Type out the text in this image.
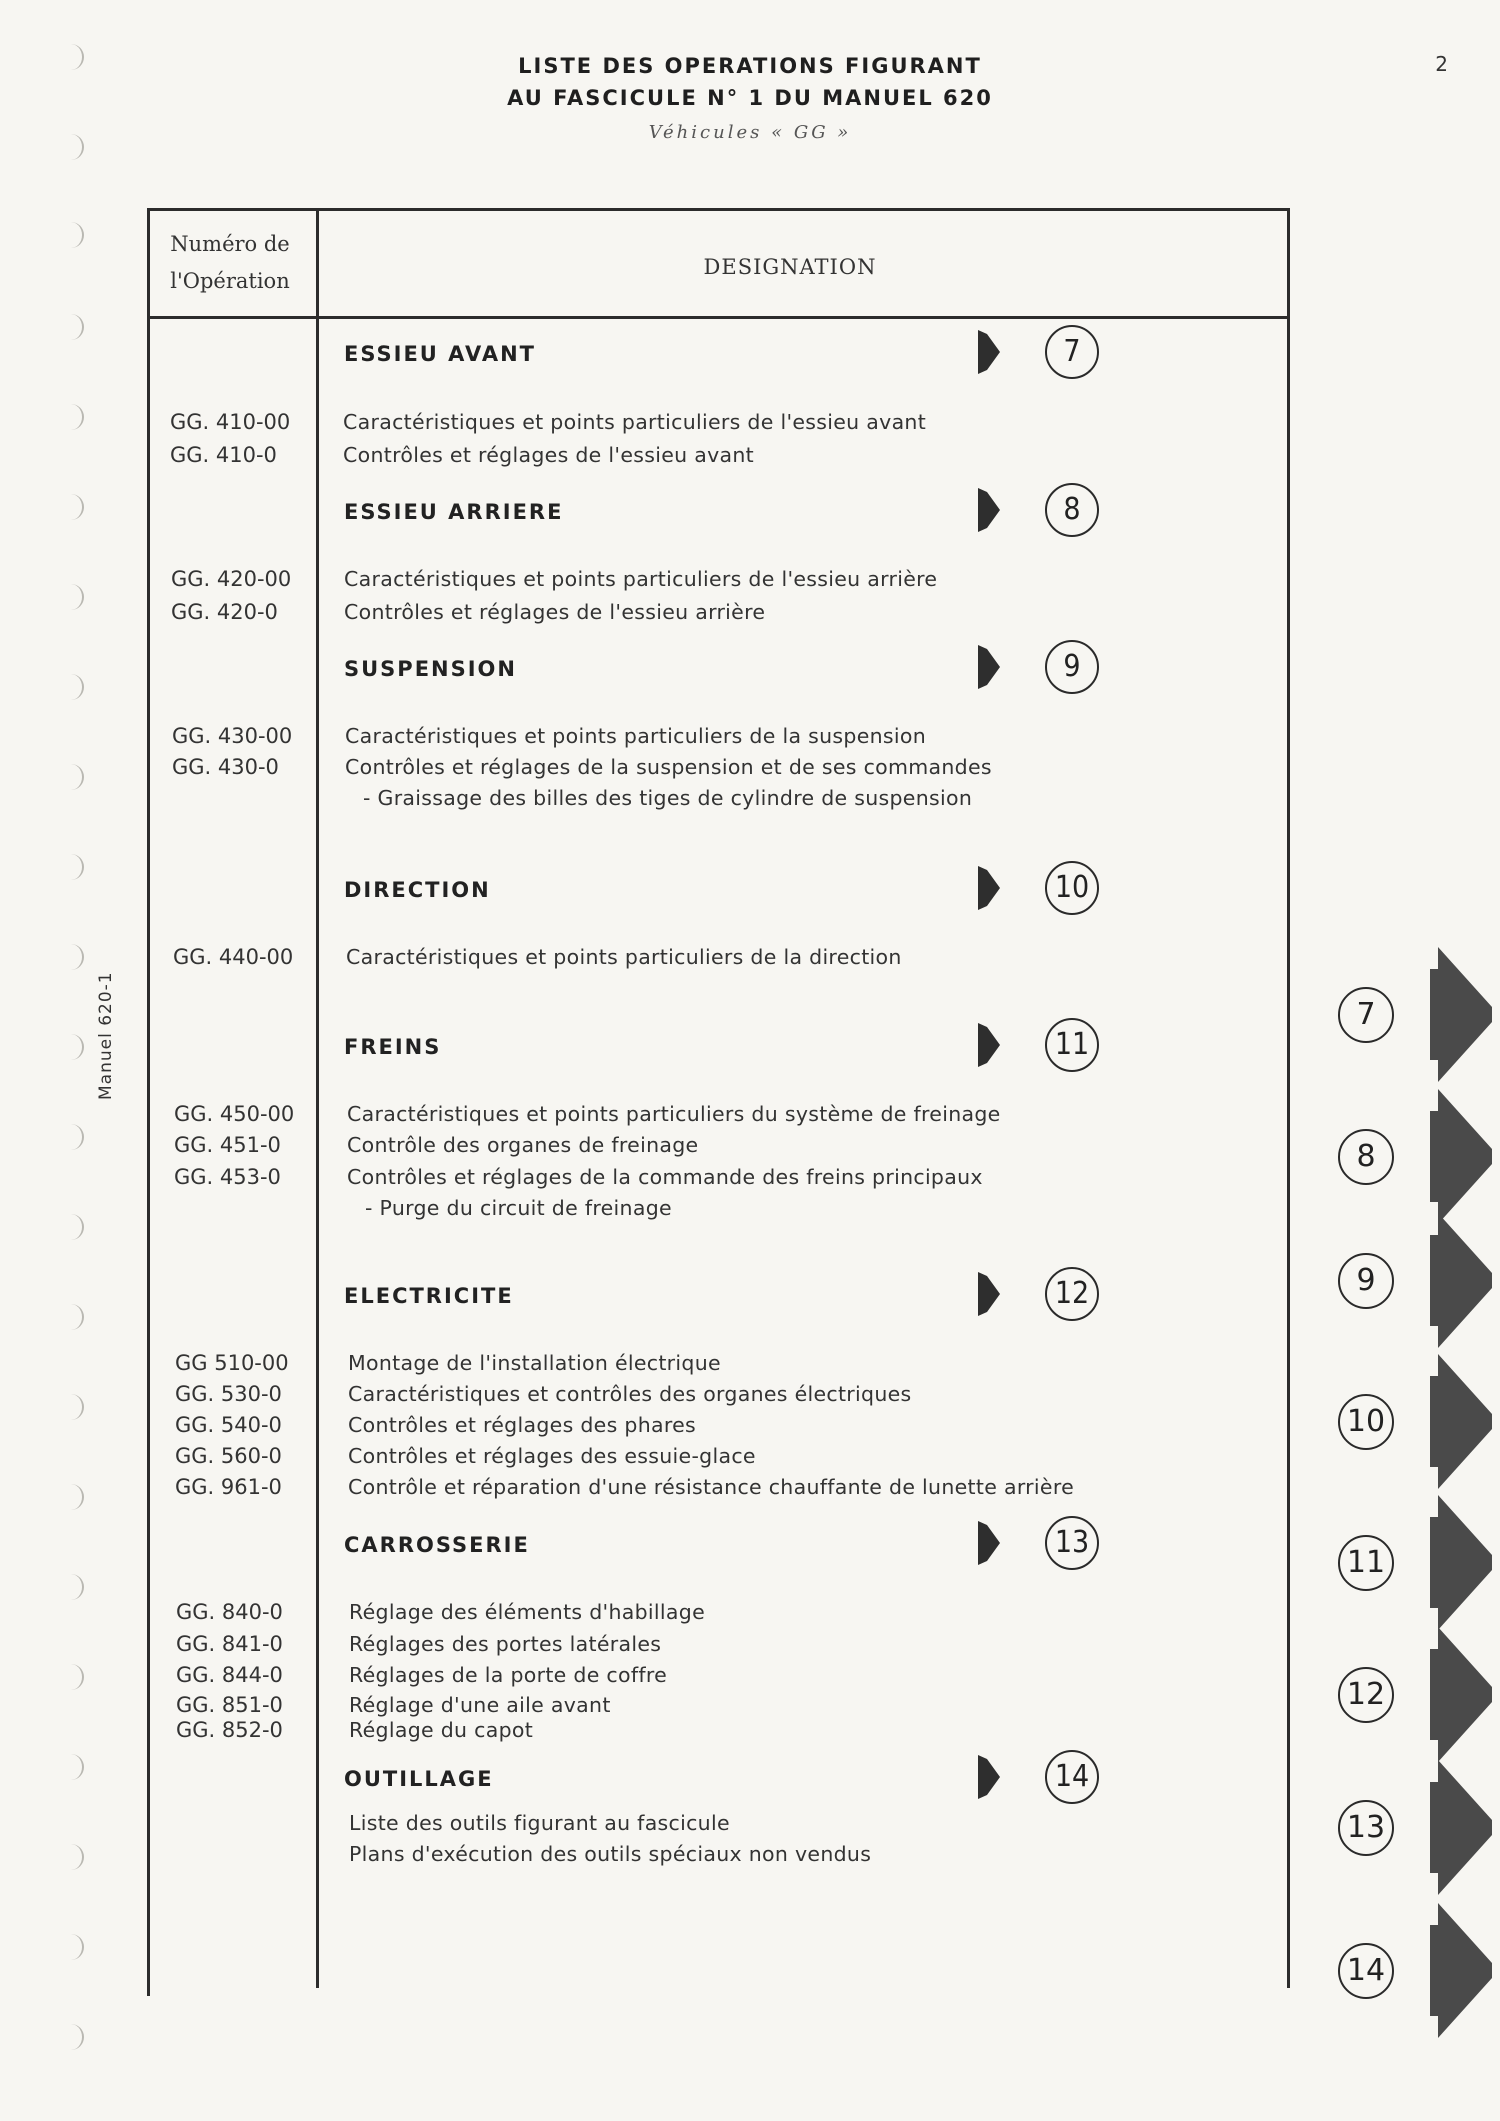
LISTE DES OPERATIONS FIGURANT
AU FASCICULE N° 1 DU MANUEL 620
Véhicules « GG »
2
Manuel 620-1
Numéro de
l'Opération
DESIGNATION
ESSIEU AVANT	7
GG. 410-00	Caractéristiques et points particuliers de l'essieu avant
GG. 410-0	Contrôles et réglages de l'essieu avant
ESSIEU ARRIERE	8
GG. 420-00	Caractéristiques et points particuliers de l'essieu arrière
GG. 420-0	Contrôles et réglages de l'essieu arrière
SUSPENSION	9
GG. 430-00	Caractéristiques et points particuliers de la suspension
GG. 430-0	Contrôles et réglages de la suspension et de ses commandes
- Graissage des billes des tiges de cylindre de suspension
DIRECTION	10
GG. 440-00	Caractéristiques et points particuliers de la direction
FREINS	11
GG. 450-00	Caractéristiques et points particuliers du système de freinage
GG. 451-0	Contrôle des organes de freinage
GG. 453-0	Contrôles et réglages de la commande des freins principaux
- Purge du circuit de freinage
ELECTRICITE	12
GG 510-00	Montage de l'installation électrique
GG. 530-0	Caractéristiques et contrôles des organes électriques
GG. 540-0	Contrôles et réglages des phares
GG. 560-0	Contrôles et réglages des essuie-glace
GG. 961-0	Contrôle et réparation d'une résistance chauffante de lunette arrière
CARROSSERIE	13
GG. 840-0	Réglage des éléments d'habillage
GG. 841-0	Réglages des portes latérales
GG. 844-0	Réglages de la porte de coffre
GG. 851-0	Réglage d'une aile avant
GG. 852-0	Réglage du capot
OUTILLAGE	14
Liste des outils figurant au fascicule
Plans d'exécution des outils spéciaux non vendus
7
8
9
10
11
12
13
14
